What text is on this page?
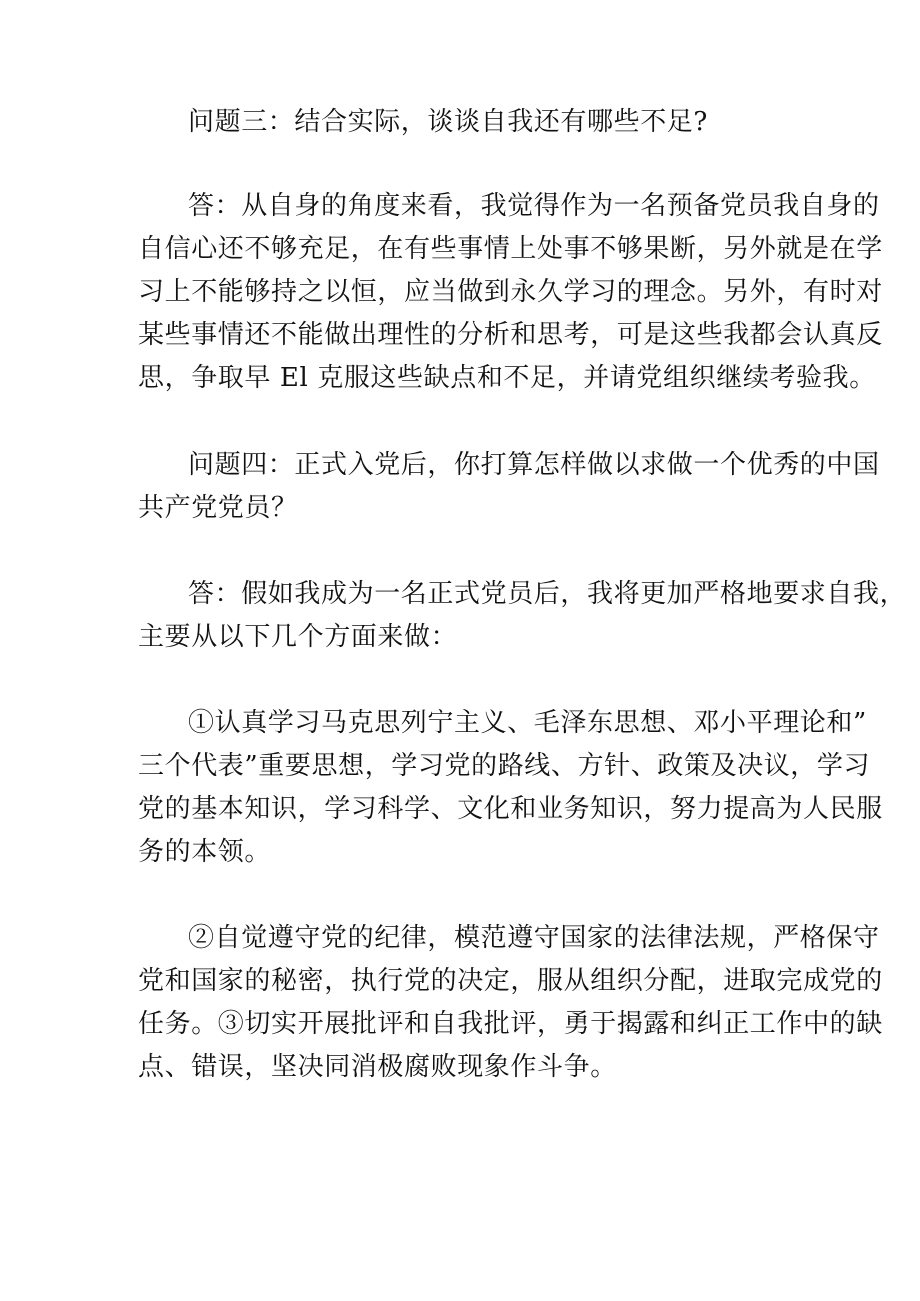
问题三：结合实际，谈谈自我还有哪些不足?
答：从自身的角度来看，我觉得作为一名预备党员我自身的
自信心还不够充足，在有些事情上处事不够果断，另外就是在学
习上不能够持之以恒，应当做到永久学习的理念。另外，有时对
某些事情还不能做出理性的分析和思考，可是这些我都会认真反
思，争取早 El 克服这些缺点和不足，并请党组织继续考验我。
问题四：正式入党后，你打算怎样做以求做一个优秀的中国
共产党党员？
答：假如我成为一名正式党员后，我将更加严格地要求自我，
主要从以下几个方面来做：
①认真学习马克思列宁主义、毛泽东思想、邓小平理论和”
三个代表”重要思想，学习党的路线、方针、政策及决议，学习
党的基本知识，学习科学、文化和业务知识，努力提高为人民服
务的本领。
②自觉遵守党的纪律，模范遵守国家的法律法规，严格保守
党和国家的秘密，执行党的决定，服从组织分配，进取完成党的
任务。③切实开展批评和自我批评，勇于揭露和纠正工作中的缺
点、错误，坚决同消极腐败现象作斗争。
